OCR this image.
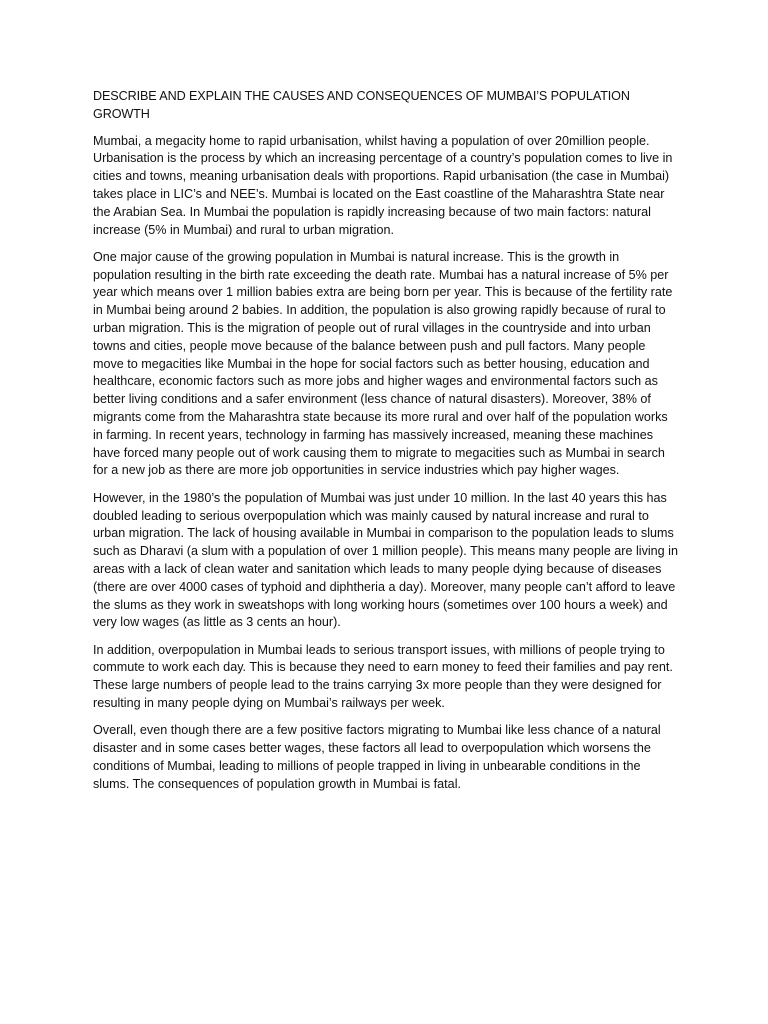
DESCRIBE AND EXPLAIN THE CAUSES AND CONSEQUENCES OF MUMBAI’S POPULATION GROWTH

Mumbai, a megacity home to rapid urbanisation, whilst having a population of over 20million people. Urbanisation is the process by which an increasing percentage of a country’s population comes to live in cities and towns, meaning urbanisation deals with proportions. Rapid urbanisation (the case in Mumbai) takes place in LIC’s and NEE’s. Mumbai is located on the East coastline of the Maharashtra State near the Arabian Sea. In Mumbai the population is rapidly increasing because of two main factors: natural increase (5% in Mumbai) and rural to urban migration.

One major cause of the growing population in Mumbai is natural increase. This is the growth in population resulting in the birth rate exceeding the death rate. Mumbai has a natural increase of 5% per year which means over 1 million babies extra are being born per year. This is because of the fertility rate in Mumbai being around 2 babies. In addition, the population is also growing rapidly because of rural to urban migration. This is the migration of people out of rural villages in the countryside and into urban towns and cities, people move because of the balance between push and pull factors. Many people move to megacities like Mumbai in the hope for social factors such as better housing, education and healthcare, economic factors such as more jobs and higher wages and environmental factors such as better living conditions and a safer environment (less chance of natural disasters). Moreover, 38% of migrants come from the Maharashtra state because its more rural and over half of the population works in farming. In recent years, technology in farming has massively increased, meaning these machines have forced many people out of work causing them to migrate to megacities such as Mumbai in search for a new job as there are more job opportunities in service industries which pay higher wages.

However, in the 1980’s the population of Mumbai was just under 10 million. In the last 40 years this has doubled leading to serious overpopulation which was mainly caused by natural increase and rural to urban migration. The lack of housing available in Mumbai in comparison to the population leads to slums such as Dharavi (a slum with a population of over 1 million people). This means many people are living in areas with a lack of clean water and sanitation which leads to many people dying because of diseases (there are over 4000 cases of typhoid and diphtheria a day). Moreover, many people can’t afford to leave the slums as they work in sweatshops with long working hours (sometimes over 100 hours a week) and very low wages (as little as 3 cents an hour).

In addition, overpopulation in Mumbai leads to serious transport issues, with millions of people trying to commute to work each day. This is because they need to earn money to feed their families and pay rent. These large numbers of people lead to the trains carrying 3x more people than they were designed for resulting in many people dying on Mumbai’s railways per week.

Overall, even though there are a few positive factors migrating to Mumbai like less chance of a natural disaster and in some cases better wages, these factors all lead to overpopulation which worsens the conditions of Mumbai, leading to millions of people trapped in living in unbearable conditions in the slums. The consequences of population growth in Mumbai is fatal.
